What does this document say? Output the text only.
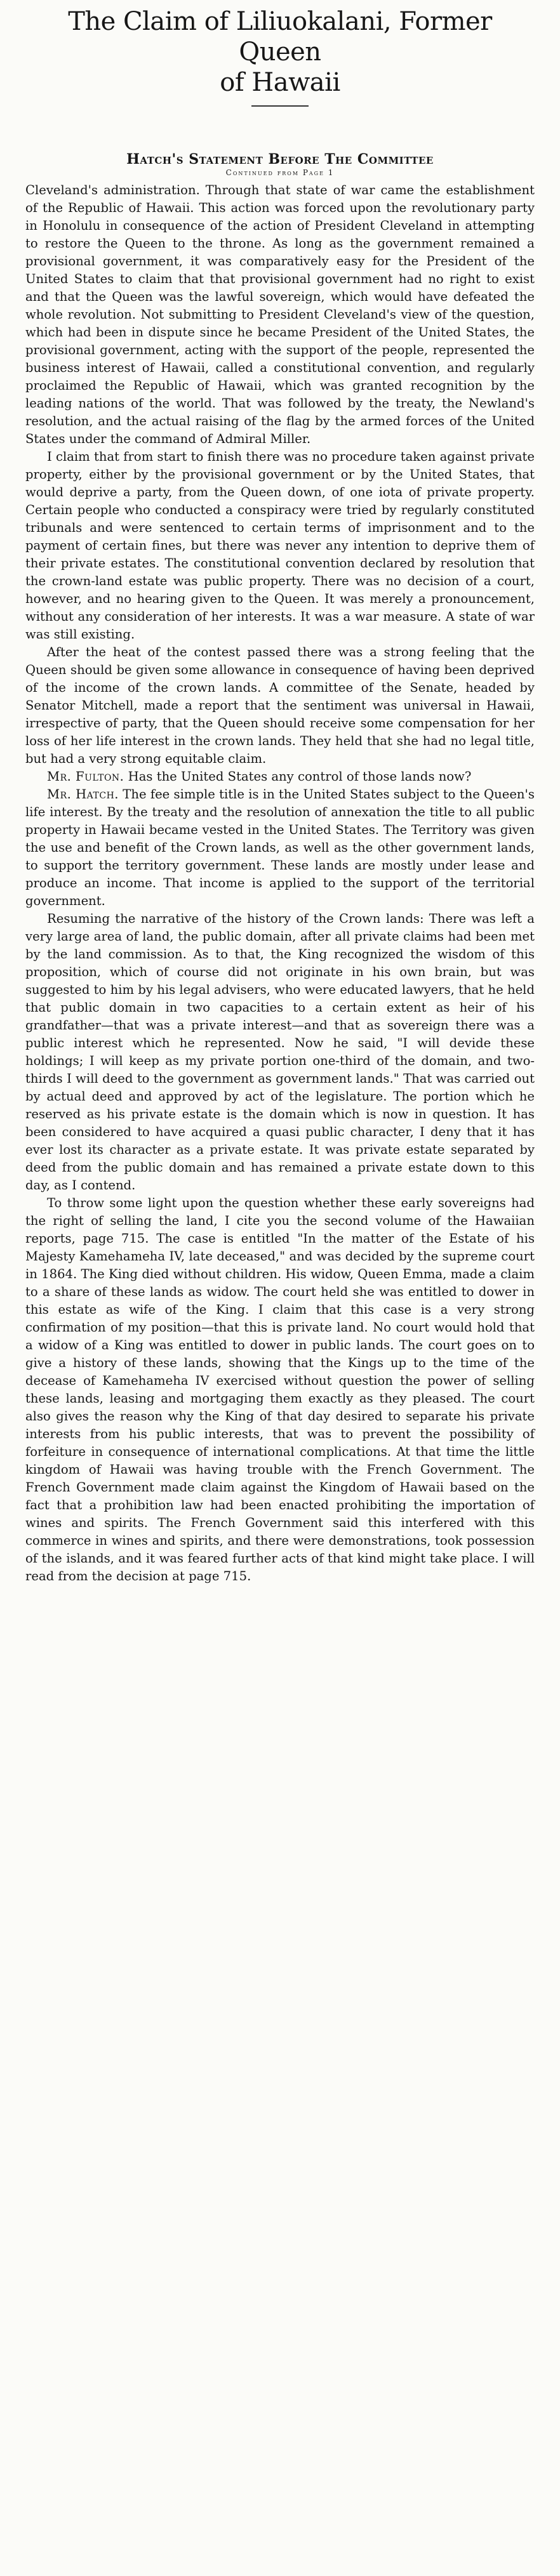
The Claim of Liliuokalani, Former Queen
of Hawaii
Hatch's Statement Before The Committee
Continued from Page 1

Cleveland's administration. Through that state of war came the establishment of the Republic of Hawaii. This action was forced upon the revolutionary party in Honolulu in consequence of the action of President Cleveland in attempting to restore the Queen to the throne. As long as the government remained a provisional government, it was comparatively easy for the President of the United States to claim that that provisional government had no right to exist and that the Queen was the lawful sovereign, which would have defeated the whole revolution. Not submitting to President Cleveland's view of the question, which had been in dispute since he became President of the United States, the provisional government, acting with the support of the people, represented the business interest of Hawaii, called a constitutional convention, and regularly proclaimed the Republic of Hawaii, which was granted recognition by the leading nations of the world. That was followed by the treaty, the Newland's resolution, and the actual raising of the flag by the armed forces of the United States under the command of Admiral Miller.

I claim that from start to finish there was no procedure taken against private property, either by the provisional government or by the United States, that would deprive a party, from the Queen down, of one iota of private property. Certain people who conducted a conspiracy were tried by regularly constituted tribunals and were sentenced to certain terms of imprisonment and to the payment of certain fines, but there was never any intention to deprive them of their private estates. The constitutional convention declared by resolution that the crown-land estate was public property. There was no decision of a court, however, and no hearing given to the Queen. It was merely a pronouncement, without any consideration of her interests. It was a war measure. A state of war was still existing.

After the heat of the contest passed there was a strong feeling that the Queen should be given some allowance in consequence of having been deprived of the income of the crown lands. A committee of the Senate, headed by Senator Mitchell, made a report that the sentiment was universal in Hawaii, irrespective of party, that the Queen should receive some compensation for her loss of her life interest in the crown lands. They held that she had no legal title, but had a very strong equitable claim.

Mr. Fulton. Has the United States any control of those lands now?

Mr. Hatch. The fee simple title is in the United States subject to the Queen's life interest. By the treaty and the resolution of annexation the title to all public property in Hawaii became vested in the United States. The Territory was given the use and benefit of the Crown lands, as well as the other government lands, to support the territory government. These lands are mostly under lease and produce an income. That income is applied to the support of the territorial government.

Resuming the narrative of the history of the Crown lands: There was left a very large area of land, the public domain, after all private claims had been met by the land commission. As to that, the King recognized the wisdom of this proposition, which of course did not originate in his own brain, but was suggested to him by his legal advisers, who were educated lawyers, that he held that public domain in two capacities to a certain extent as heir of his grandfather—that was a private interest—and that as sovereign there was a public interest which he represented. Now he said, "I will devide these holdings; I will keep as my private portion one-third of the domain, and two-thirds I will deed to the government as government lands." That was carried out by actual deed and approved by act of the legislature. The portion which he reserved as his private estate is the domain which is now in question. It has been considered to have acquired a quasi public character, I deny that it has ever lost its character as a private estate. It was private estate separated by deed from the public domain and has remained a private estate down to this day, as I contend.

To throw some light upon the question whether these early sovereigns had the right of selling the land, I cite you the second volume of the Hawaiian reports, page 715. The case is entitled "In the matter of the Estate of his Majesty Kamehameha IV, late deceased," and was decided by the supreme court in 1864. The King died without children. His widow, Queen Emma, made a claim to a share of these lands as widow. The court held she was entitled to dower in this estate as wife of the King. I claim that this case is a very strong confirmation of my position—that this is private land. No court would hold that a widow of a King was entitled to dower in public lands. The court goes on to give a history of these lands, showing that the Kings up to the time of the decease of Kamehameha IV exercised without question the power of selling these lands, leasing and mortgaging them exactly as they pleased. The court also gives the reason why the King of that day desired to separate his private interests from his public interests, that was to prevent the possibility of forfeiture in consequence of international complications. At that time the little kingdom of Hawaii was having trouble with the French Government. The French Government made claim against the Kingdom of Hawaii based on the fact that a prohibition law had been enacted prohibiting the importation of wines and spirits. The French Government said this interfered with this commerce in wines and spirits, and there were demonstrations, took possession of the islands, and it was feared further acts of that kind might take place. I will read from the decision at page 715.
